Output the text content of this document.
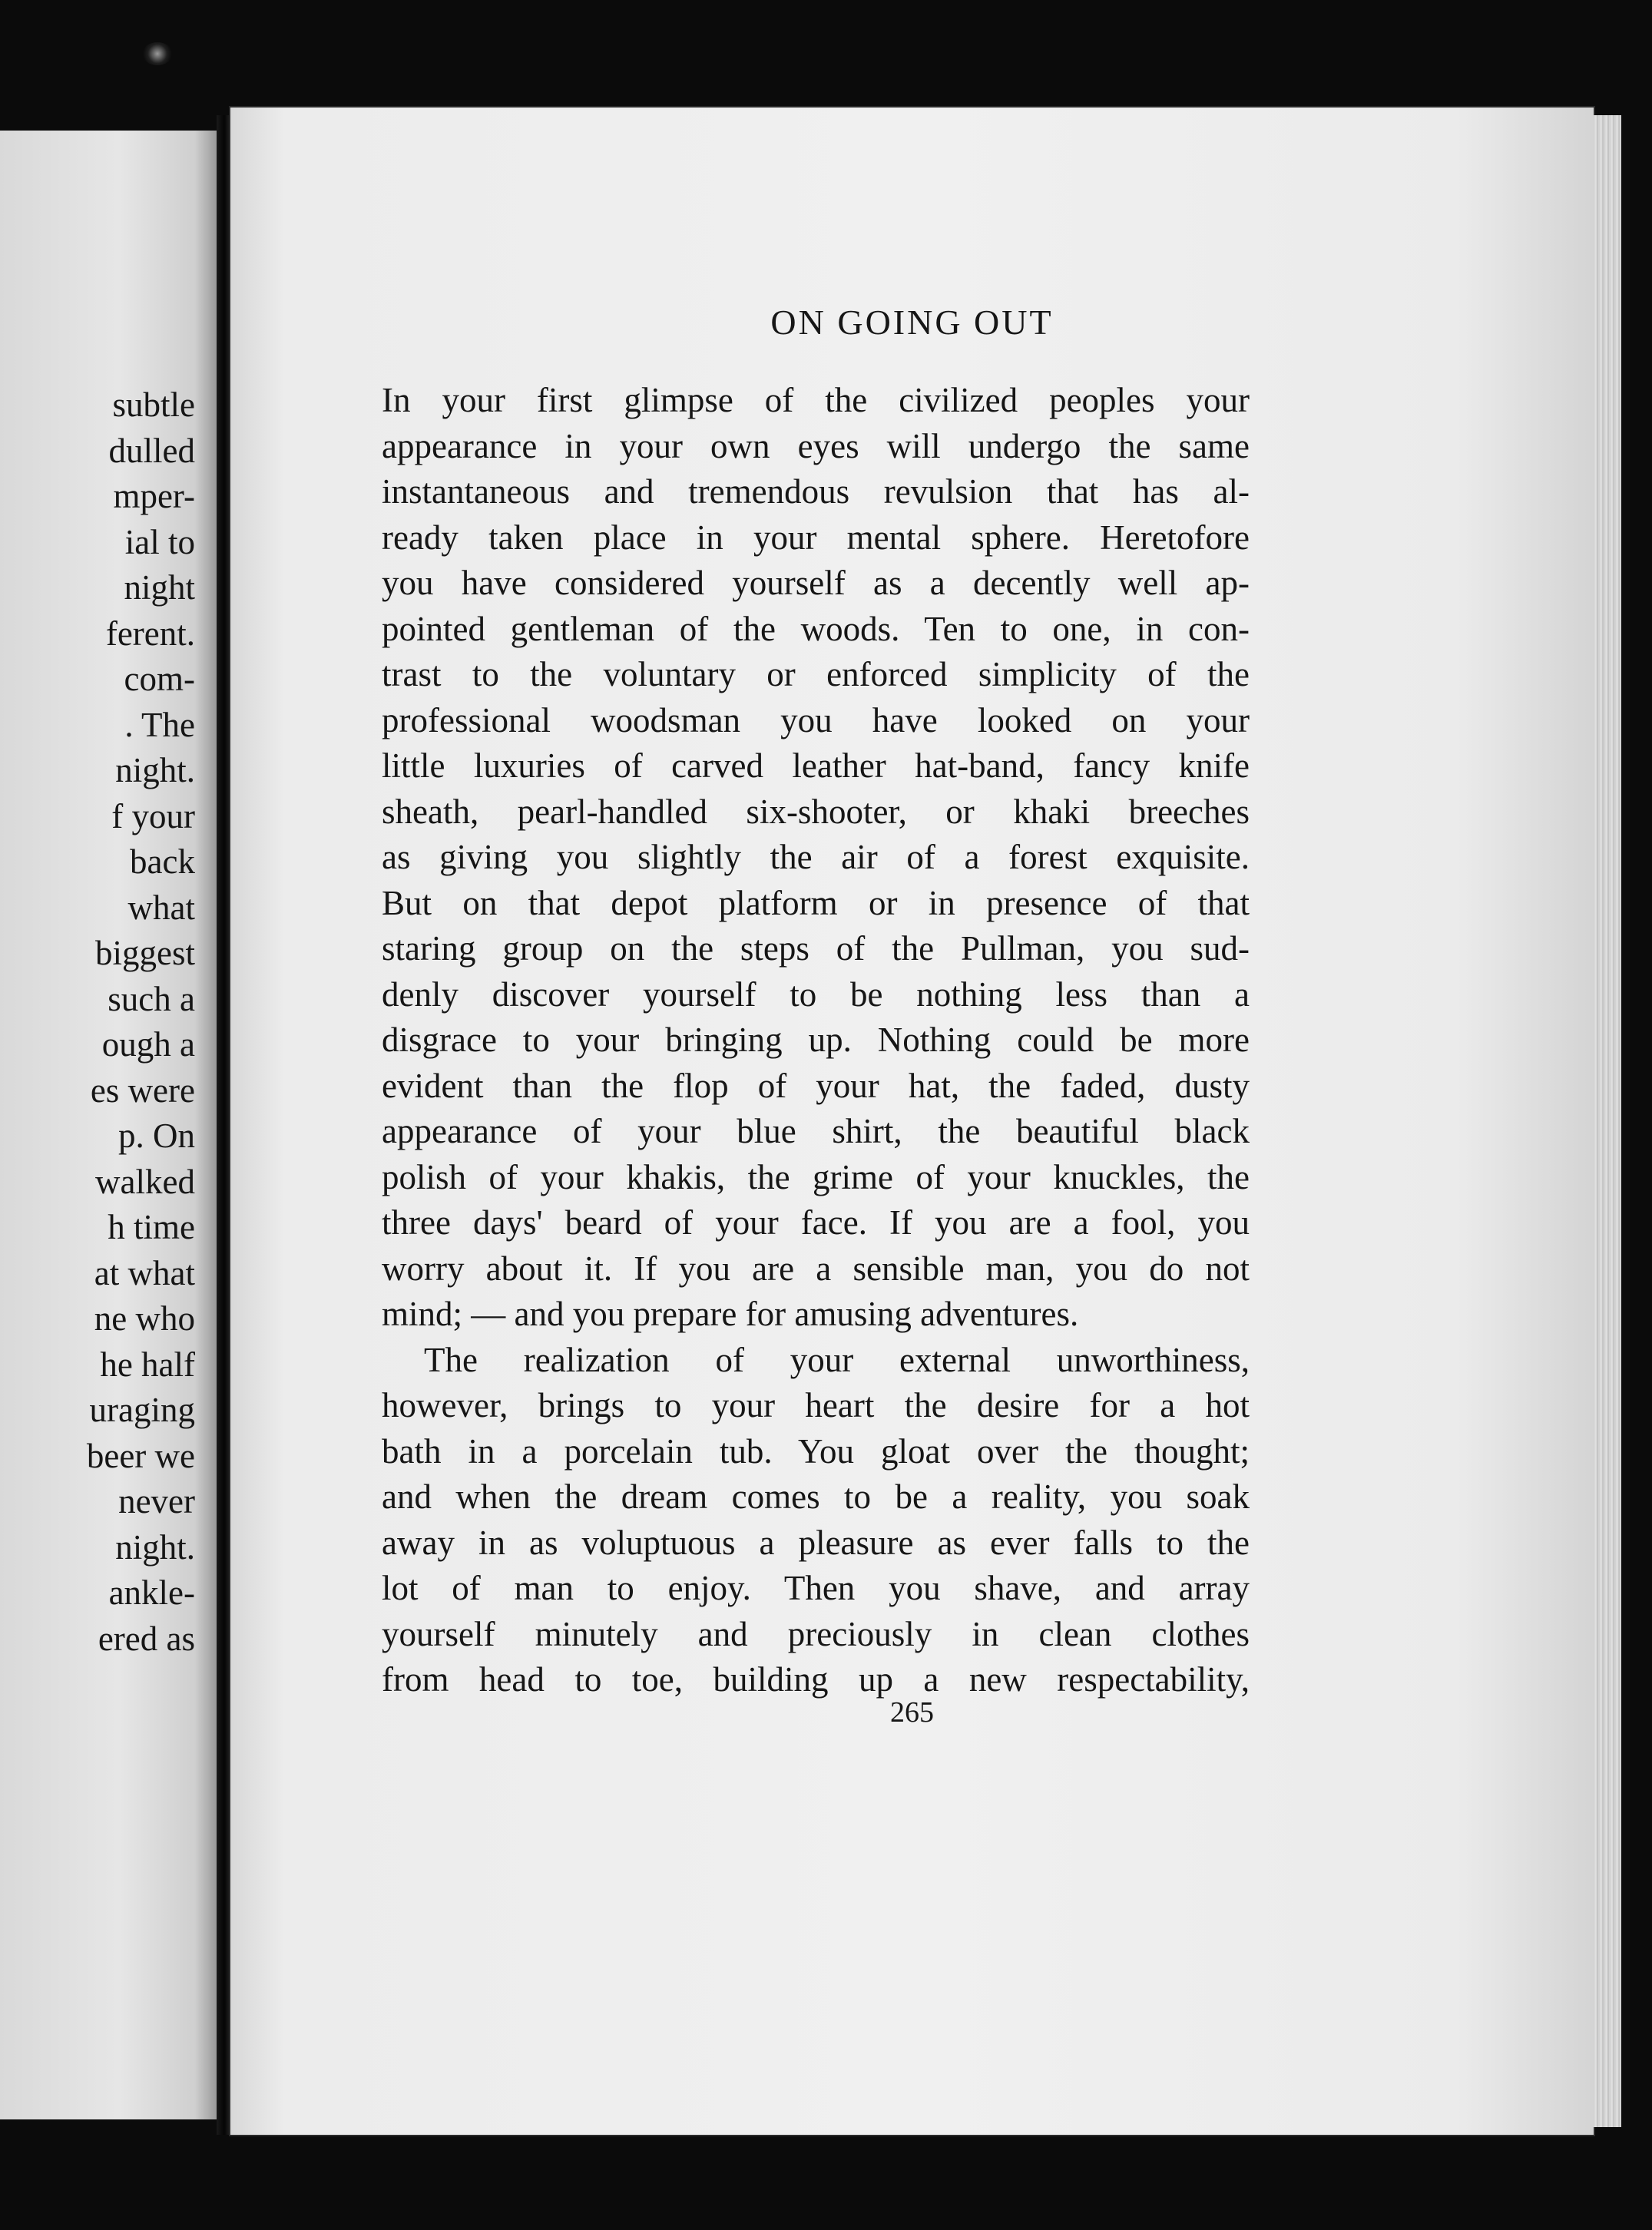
subtle
dulled
mper-
ial to
night
ferent.
com-
. The
night.
f your
back
what
biggest
such a
ough a
es were
p. On
walked
h time
at what
ne who
he half
uraging
beer we
never
night.
ankle-
ered as
ON GOING OUT

In your first glimpse of the civilized peoples your
appearance in your own eyes will undergo the same
instantaneous and tremendous revulsion that has al-
ready taken place in your mental sphere. Heretofore
you have considered yourself as a decently well ap-
pointed gentleman of the woods. Ten to one, in con-
trast to the voluntary or enforced simplicity of the
professional woodsman you have looked on your
little luxuries of carved leather hat-band, fancy knife
sheath, pearl-handled six-shooter, or khaki breeches
as giving you slightly the air of a forest exquisite.
But on that depot platform or in presence of that
staring group on the steps of the Pullman, you sud-
denly discover yourself to be nothing less than a
disgrace to your bringing up. Nothing could be more
evident than the flop of your hat, the faded, dusty
appearance of your blue shirt, the beautiful black
polish of your khakis, the grime of your knuckles, the
three days' beard of your face. If you are a fool, you
worry about it. If you are a sensible man, you do not
mind; — and you prepare for amusing adventures.

The realization of your external unworthiness,
however, brings to your heart the desire for a hot
bath in a porcelain tub. You gloat over the thought;
and when the dream comes to be a reality, you soak
away in as voluptuous a pleasure as ever falls to the
lot of man to enjoy. Then you shave, and array
yourself minutely and preciously in clean clothes
from head to toe, building up a new respectability,

265
